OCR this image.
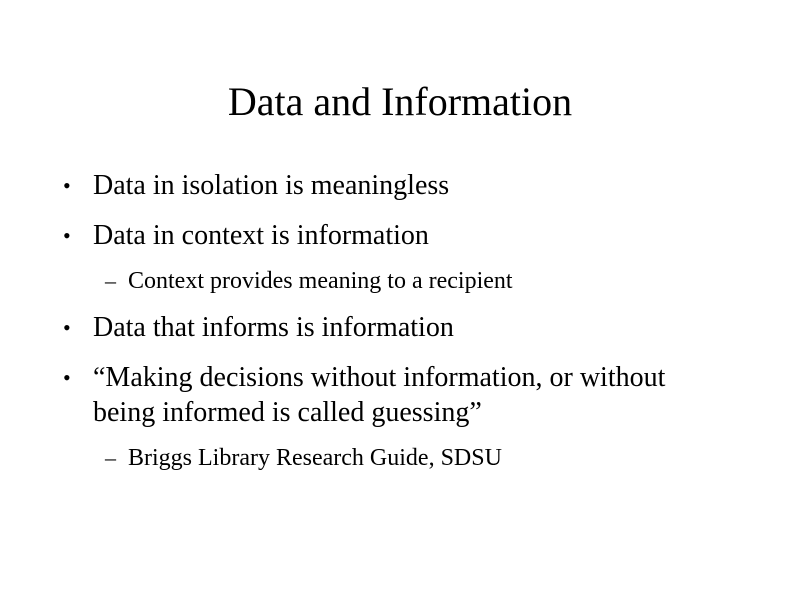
Data and Information
• Data in isolation is meaningless
• Data in context is information
– Context provides meaning to a recipient
• Data that informs is information
• “Making decisions without information, or without being informed is called guessing”
– Briggs Library Research Guide, SDSU
